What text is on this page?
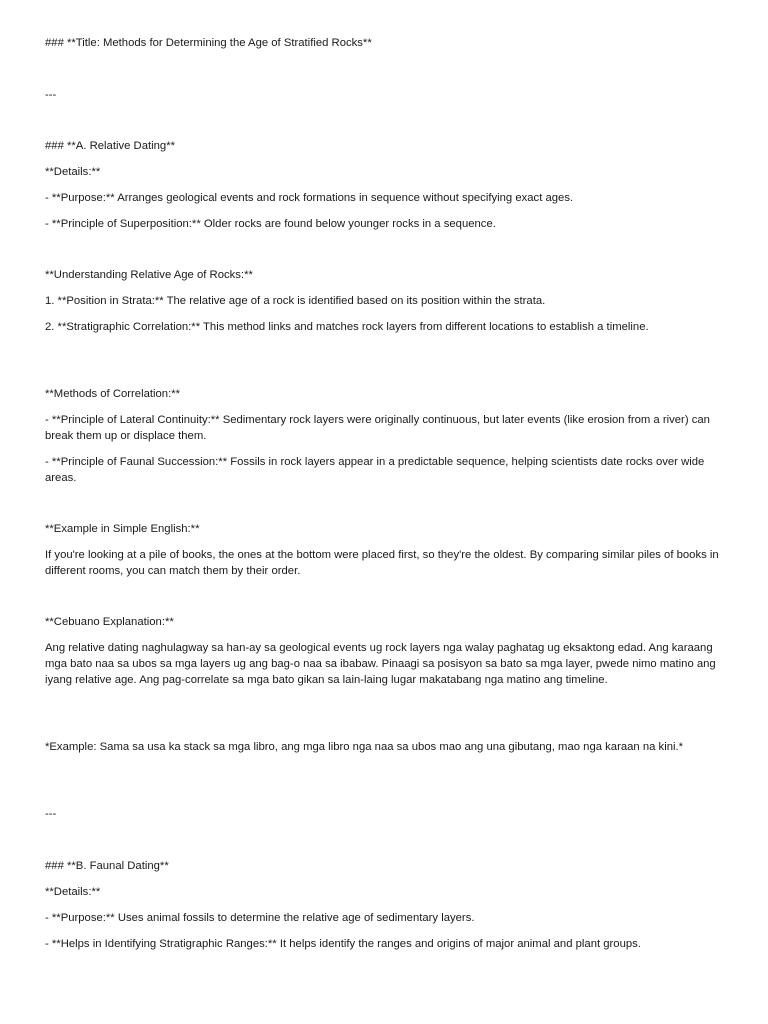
### **Title: Methods for Determining the Age of Stratified Rocks**

---

### **A. Relative Dating**

**Details:**

- **Purpose:** Arranges geological events and rock formations in sequence without specifying exact ages.

- **Principle of Superposition:** Older rocks are found below younger rocks in a sequence.

**Understanding Relative Age of Rocks:**

1. **Position in Strata:** The relative age of a rock is identified based on its position within the strata.

2. **Stratigraphic Correlation:** This method links and matches rock layers from different locations to establish a timeline.

**Methods of Correlation:**

- **Principle of Lateral Continuity:** Sedimentary rock layers were originally continuous, but later events (like erosion from a river) can break them up or displace them.

- **Principle of Faunal Succession:** Fossils in rock layers appear in a predictable sequence, helping scientists date rocks over wide areas.

**Example in Simple English:**

If you're looking at a pile of books, the ones at the bottom were placed first, so they're the oldest. By comparing similar piles of books in different rooms, you can match them by their order.

**Cebuano Explanation:**

Ang relative dating naghulagway sa han-ay sa geological events ug rock layers nga walay paghatag ug eksaktong edad. Ang karaang mga bato naa sa ubos sa mga layers ug ang bag-o naa sa ibabaw. Pinaagi sa posisyon sa bato sa mga layer, pwede nimo matino ang iyang relative age. Ang pag-correlate sa mga bato gikan sa lain-laing lugar makatabang nga matino ang timeline.

*Example: Sama sa usa ka stack sa mga libro, ang mga libro nga naa sa ubos mao ang una gibutang, mao nga karaan na kini.*

---

### **B. Faunal Dating**

**Details:**

- **Purpose:** Uses animal fossils to determine the relative age of sedimentary layers.

- **Helps in Identifying Stratigraphic Ranges:** It helps identify the ranges and origins of major animal and plant groups.
